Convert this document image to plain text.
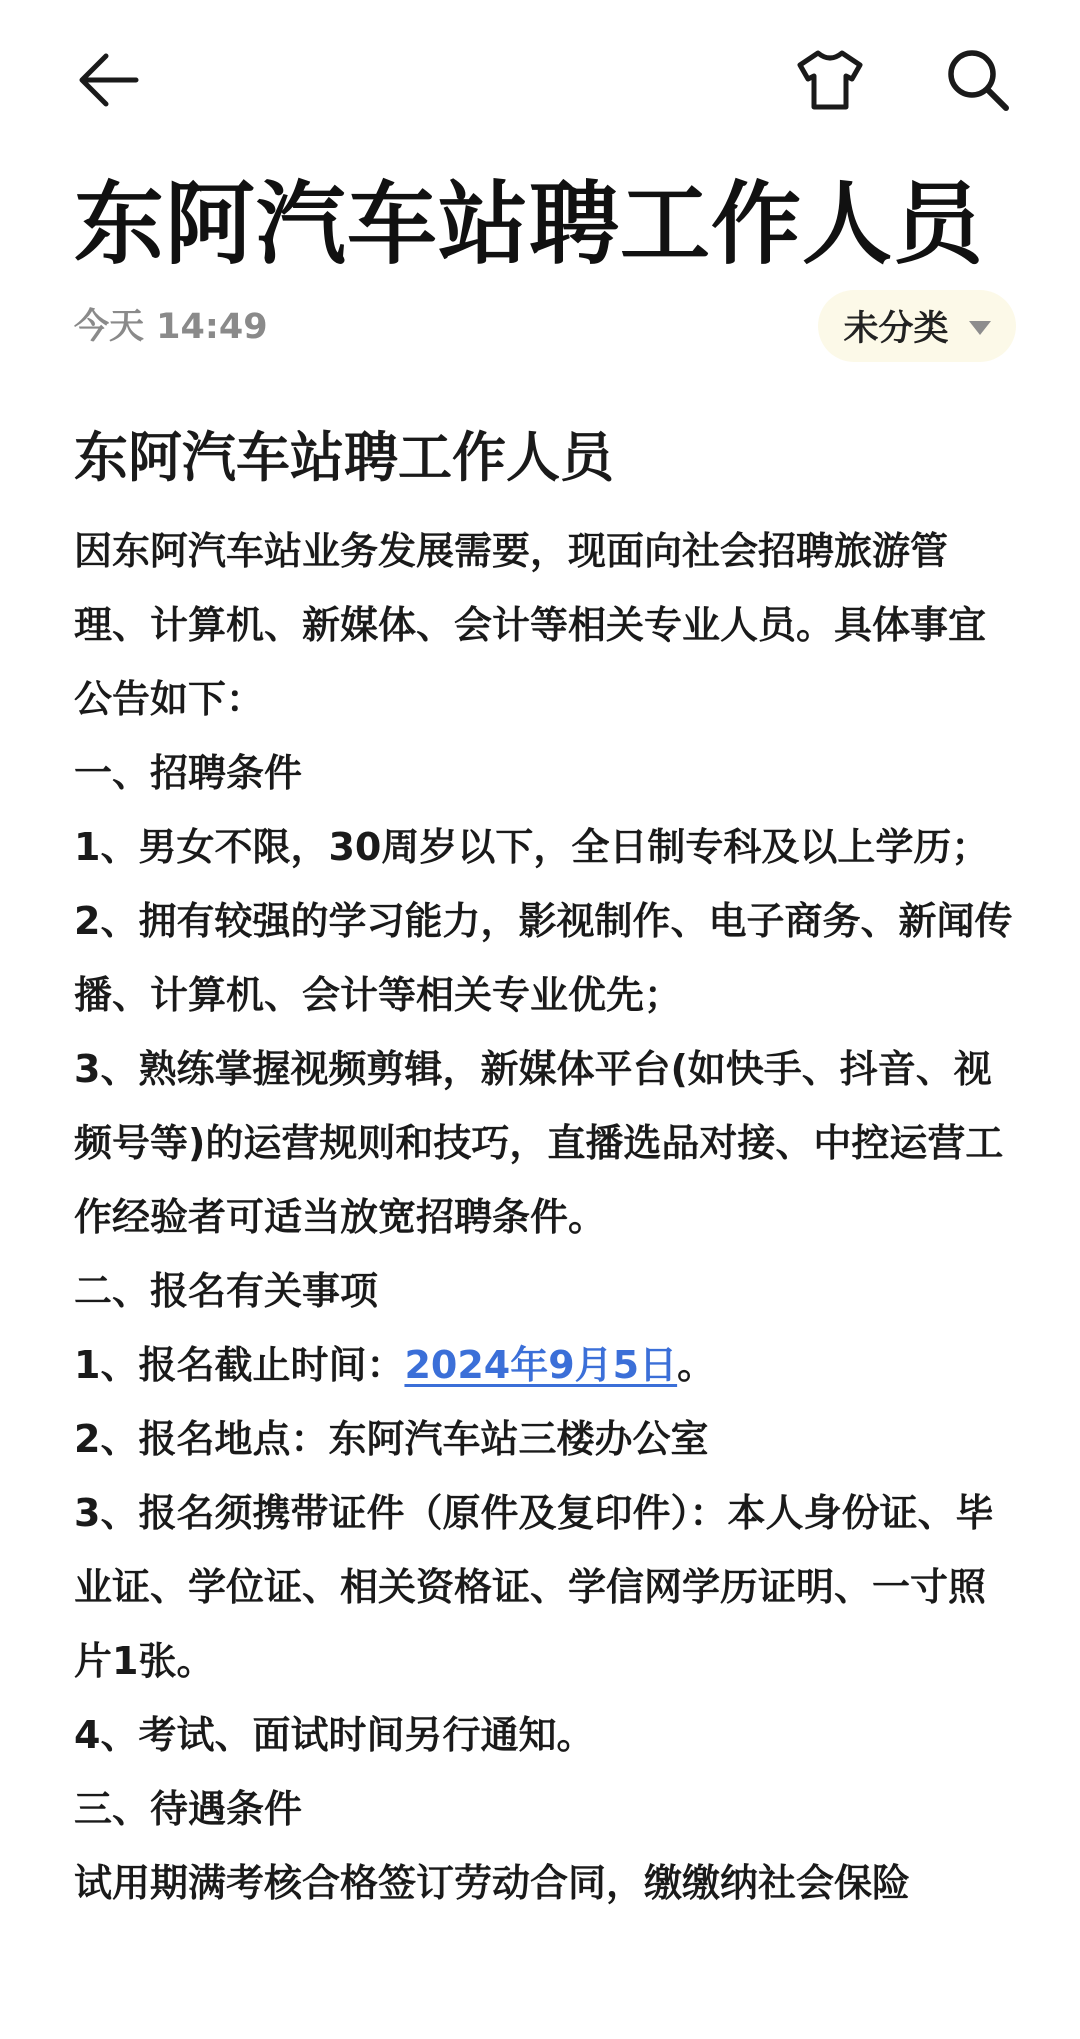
东阿汽车站聘工作人员
今天 14:49	未分类
东阿汽车站聘工作人员

因东阿汽车站业务发展需要，现面向社会招聘旅游管理、计算机、新媒体、会计等相关专业人员。具体事宜公告如下：

一、招聘条件

1、男女不限，30周岁以下，全日制专科及以上学历；

2、拥有较强的学习能力，影视制作、电子商务、新闻传播、计算机、会计等相关专业优先；

3、熟练掌握视频剪辑，新媒体平台(如快手、抖音、视频号等)的运营规则和技巧，直播选品对接、中控运营工作经验者可适当放宽招聘条件。

二、报名有关事项

1、报名截止时间：2024年9月5日。

2、报名地点：东阿汽车站三楼办公室

3、报名须携带证件（原件及复印件）：本人身份证、毕业证、学位证、相关资格证、学信网学历证明、一寸照片1张。

4、考试、面试时间另行通知。

三、待遇条件

试用期满考核合格签订劳动合同，缴缴纳社会保险
